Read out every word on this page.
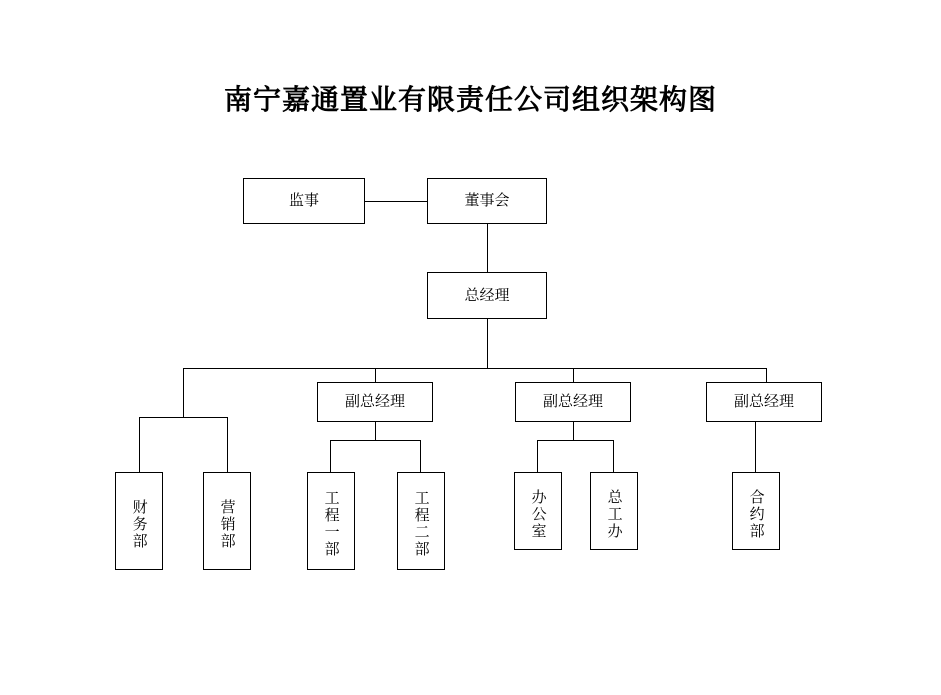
南宁嘉通置业有限责任公司组织架构图
监事	董事会
总经理
副总经理	副总经理	副总经理
财务部	营销部	工程一部	工程二部	办公室	总工办	合约部
